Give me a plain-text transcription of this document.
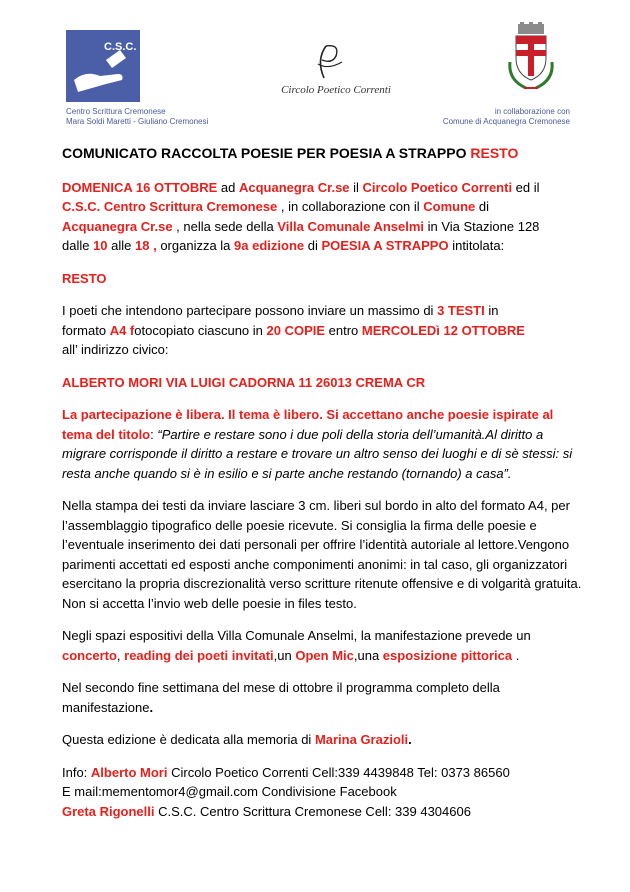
C.S.C.
Circolo Poetico Correnti
Centro Scrittura Cremonese
Mara Soldi Maretti - Giuliano Cremonesi
in collaborazione con
Comune di Acquanegra Cremonese

COMUNICATO RACCOLTA POESIE PER POESIA A STRAPPO RESTO

DOMENICA 16 OTTOBRE ad Acquanegra Cr.se il Circolo Poetico Correnti ed il
C.S.C. Centro Scrittura Cremonese , in collaborazione con il Comune di
Acquanegra Cr.se , nella sede della Villa Comunale Anselmi in Via Stazione 128
dalle 10 alle 18 , organizza la 9a edizione di POESIA A STRAPPO intitolata:

RESTO

I poeti che intendono partecipare possono inviare un massimo di 3 TESTI in
formato A4 fotocopiato ciascuno in 20 COPIE entro MERCOLEDì 12 OTTOBRE
all’ indirizzo civico:

ALBERTO MORI VIA LUIGI CADORNA 11 26013 CREMA CR

La partecipazione è libera. Il tema è libero. Si accettano anche poesie ispirate al tema del titolo: “Partire e restare sono i due poli della storia dell’umanità.Al diritto a migrare corrisponde il diritto a restare e trovare un altro senso dei luoghi e di sè stessi: si resta anche quando si è in esilio e si parte anche restando (tornando) a casa”.

Nella stampa dei testi da inviare lasciare 3 cm. liberi sul bordo in alto del formato A4, per l’assemblaggio tipografico delle poesie ricevute. Si consiglia la firma delle poesie e l’eventuale inserimento dei dati personali per offrire l’identità autoriale al lettore.Vengono parimenti accettati ed esposti anche componimenti anonimi: in tal caso, gli organizzatori esercitano la propria discrezionalità verso scritture ritenute offensive e di volgarità gratuita. Non si accetta l’invio web delle poesie in files testo.

Negli spazi espositivi della Villa Comunale Anselmi, la manifestazione prevede un
concerto, reading dei poeti invitati,un Open Mic,una esposizione pittorica .

Nel secondo fine settimana del mese di ottobre il programma completo della manifestazione.

Questa edizione è dedicata alla memoria di Marina Grazioli.

Info: Alberto Mori Circolo Poetico Correnti Cell:339 4439848 Tel: 0373 86560
E mail:mementomor4@gmail.com Condivisione Facebook
Greta Rigonelli C.S.C. Centro Scrittura Cremonese Cell: 339 4304606
